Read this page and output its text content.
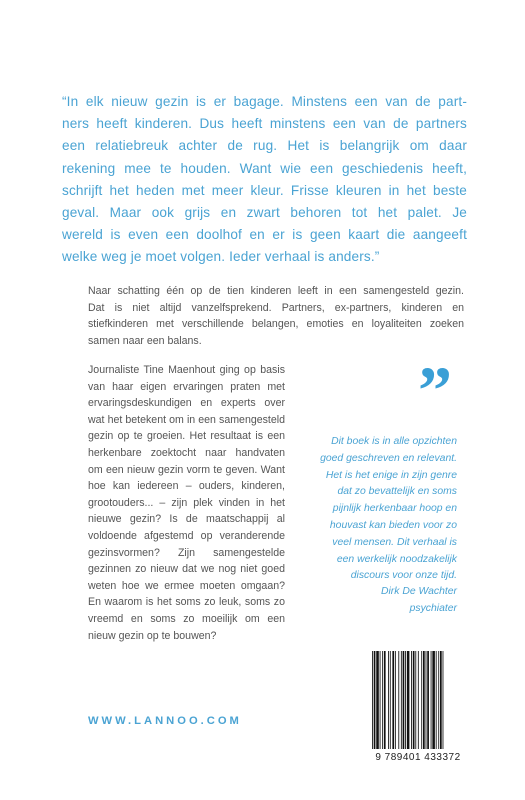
“In elk nieuw gezin is er bagage. Minstens een van de part-
ners heeft kinderen. Dus heeft minstens een van de partners
een relatiebreuk achter de rug. Het is belangrijk om daar
rekening mee te houden. Want wie een geschiedenis heeft,
schrijft het heden met meer kleur. Frisse kleuren in het beste
geval. Maar ook grijs en zwart behoren tot het palet. Je
wereld is even een doolhof en er is geen kaart die aangeeft
welke weg je moet volgen. Ieder verhaal is anders.”
Naar schatting één op de tien kinderen leeft in een samengesteld gezin.
Dat is niet altijd vanzelfsprekend. Partners, ex-partners, kinderen en
stiefkinderen met verschillende belangen, emoties en loyaliteiten zoeken
samen naar een balans.
Journaliste Tine Maenhout ging op basis
van haar eigen ervaringen praten met
ervaringsdeskundigen en experts over
wat het betekent om in een samengesteld
gezin op te groeien. Het resultaat is een
herkenbare zoektocht naar handvaten
om een nieuw gezin vorm te geven. Want
hoe kan iedereen – ouders, kinderen,
grootouders... – zijn plek vinden in het
nieuwe gezin? Is de maatschappij al
voldoende afgestemd op veranderende
gezinsvormen? Zijn samengestelde
gezinnen zo nieuw dat we nog niet goed
weten hoe we ermee moeten omgaan?
En waarom is het soms zo leuk, soms zo
vreemd en soms zo moeilijk om een
nieuw gezin op te bouwen?
”
Dit boek is in alle opzichten
goed geschreven en relevant.
Het is het enige in zijn genre
dat zo bevattelijk en soms
pijnlijk herkenbaar hoop en
houvast kan bieden voor zo
veel mensen. Dit verhaal is
een werkelijk noodzakelijk
discours voor onze tijd.
Dirk De Wachter
psychiater
WWW.LANNOO.COM
9 789401 433372
